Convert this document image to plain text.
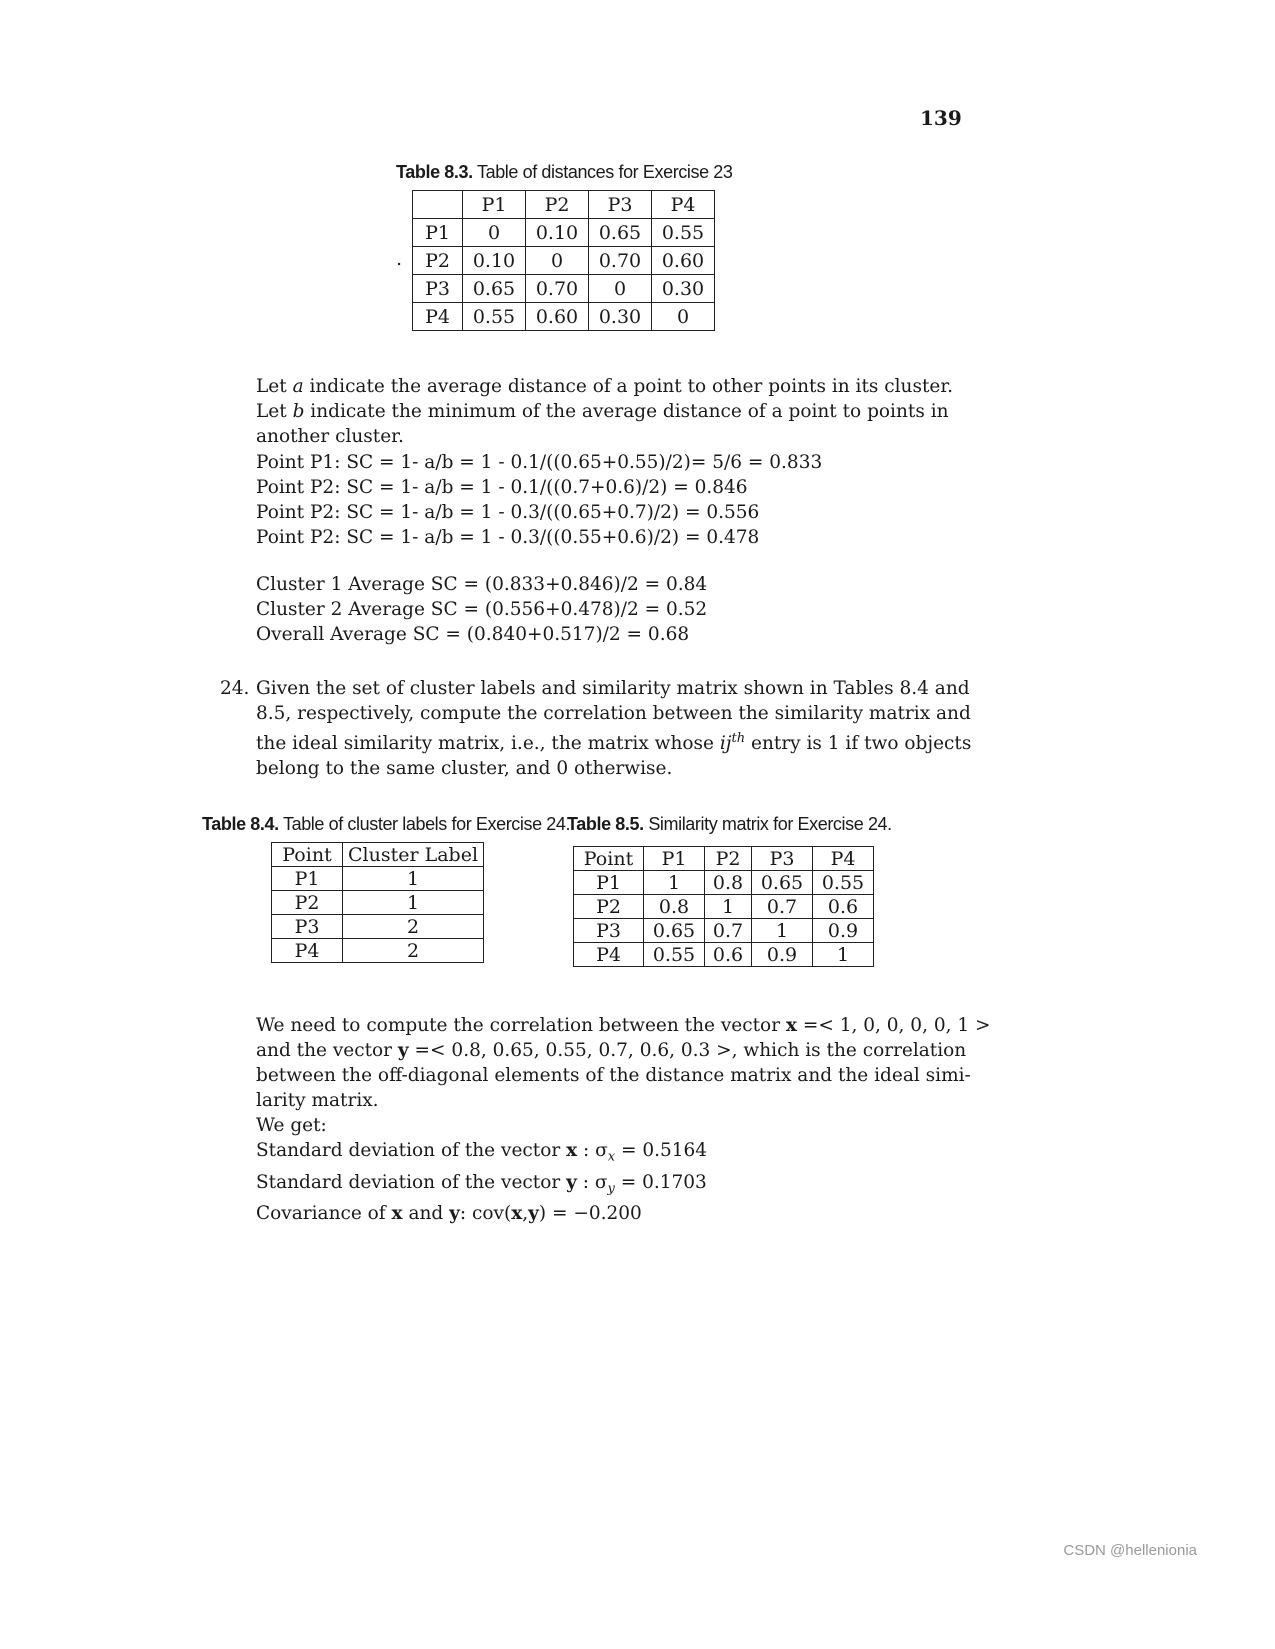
139
Table 8.3. Table of distances for Exercise 23
.
	P1	P2	P3	P4
P1	0	0.10	0.65	0.55
P2	0.10	0	0.70	0.60
P3	0.65	0.70	0	0.30
P4	0.55	0.60	0.30	0
Let a indicate the average distance of a point to other points in its cluster.
Let b indicate the minimum of the average distance of a point to points in
another cluster.
Point P1: SC = 1- a/b = 1 - 0.1/((0.65+0.55)/2)= 5/6 = 0.833
Point P2: SC = 1- a/b = 1 - 0.1/((0.7+0.6)/2) = 0.846
Point P2: SC = 1- a/b = 1 - 0.3/((0.65+0.7)/2) = 0.556
Point P2: SC = 1- a/b = 1 - 0.3/((0.55+0.6)/2) = 0.478
Cluster 1 Average SC = (0.833+0.846)/2 = 0.84
Cluster 2 Average SC = (0.556+0.478)/2 = 0.52
Overall Average SC = (0.840+0.517)/2 = 0.68
24. Given the set of cluster labels and similarity matrix shown in Tables 8.4 and
8.5, respectively, compute the correlation between the similarity matrix and
the ideal similarity matrix, i.e., the matrix whose $ij^{th}$ entry is 1 if two objects
belong to the same cluster, and 0 otherwise.
Table 8.4. Table of cluster labels for Exercise 24.
Table 8.5. Similarity matrix for Exercise 24.
Point	Cluster Label
P1	1
P2	1
P3	2
P4	2
Point	P1	P2	P3	P4
P1	1	0.8	0.65	0.55
P2	0.8	1	0.7	0.6
P3	0.65	0.7	1	0.9
P4	0.55	0.6	0.9	1
We need to compute the correlation between the vector x =< 1, 0, 0, 0, 0, 1 >
and the vector y =< 0.8, 0.65, 0.55, 0.7, 0.6, 0.3 >, which is the correlation
between the off-diagonal elements of the distance matrix and the ideal simi-
larity matrix.
We get:
Standard deviation of the vector x : $\sigma_x = 0.5164$
Standard deviation of the vector y : $\sigma_y = 0.1703$
Covariance of x and y: cov(x,y) = −0.200
CSDN @hellenionia
